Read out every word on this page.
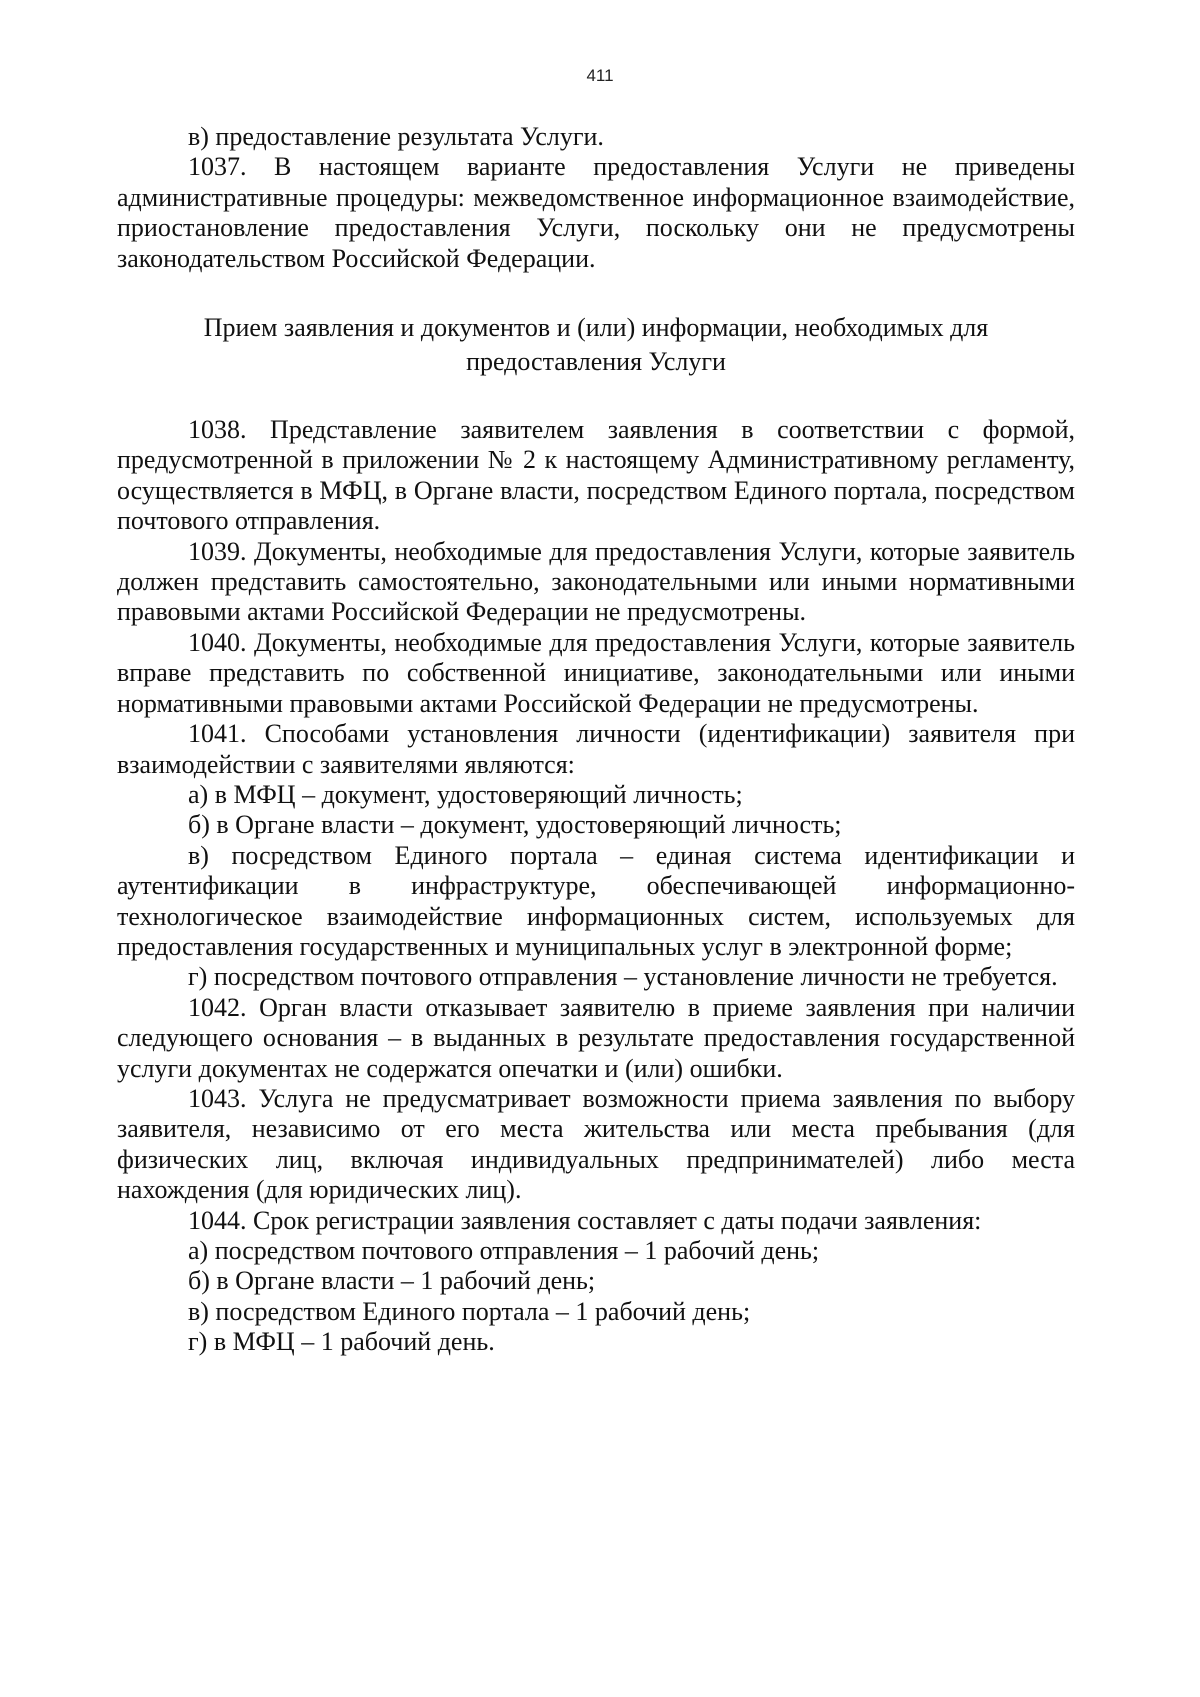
411

в) предоставление результата Услуги.

1037. В настоящем варианте предоставления Услуги не приведены административные процедуры: межведомственное информационное взаимодействие, приостановление предоставления Услуги, поскольку они не предусмотрены законодательством Российской Федерации.

Прием заявления и документов и (или) информации, необходимых для
предоставления Услуги

1038. Представление заявителем заявления в соответствии с формой, предусмотренной в приложении № 2 к настоящему Административному регламенту, осуществляется в МФЦ, в Органе власти, посредством Единого портала, посредством почтового отправления.

1039. Документы, необходимые для предоставления Услуги, которые заявитель должен представить самостоятельно, законодательными или иными нормативными правовыми актами Российской Федерации не предусмотрены.

1040. Документы, необходимые для предоставления Услуги, которые заявитель вправе представить по собственной инициативе, законодательными или иными нормативными правовыми актами Российской Федерации не предусмотрены.

1041. Способами установления личности (идентификации) заявителя при взаимодействии с заявителями являются:

а) в МФЦ – документ, удостоверяющий личность;

б) в Органе власти – документ, удостоверяющий личность;

в) посредством Единого портала – единая система идентификации и аутентификации в инфраструктуре, обеспечивающей информационно-технологическое взаимодействие информационных систем, используемых для предоставления государственных и муниципальных услуг в электронной форме;

г) посредством почтового отправления – установление личности не требуется.

1042. Орган власти отказывает заявителю в приеме заявления при наличии следующего основания – в выданных в результате предоставления государственной услуги документах не содержатся опечатки и (или) ошибки.

1043. Услуга не предусматривает возможности приема заявления по выбору заявителя, независимо от его места жительства или места пребывания (для физических лиц, включая индивидуальных предпринимателей) либо места нахождения (для юридических лиц).

1044. Срок регистрации заявления составляет с даты подачи заявления:

а) посредством почтового отправления – 1 рабочий день;

б) в Органе власти – 1 рабочий день;

в) посредством Единого портала – 1 рабочий день;

г) в МФЦ – 1 рабочий день.
